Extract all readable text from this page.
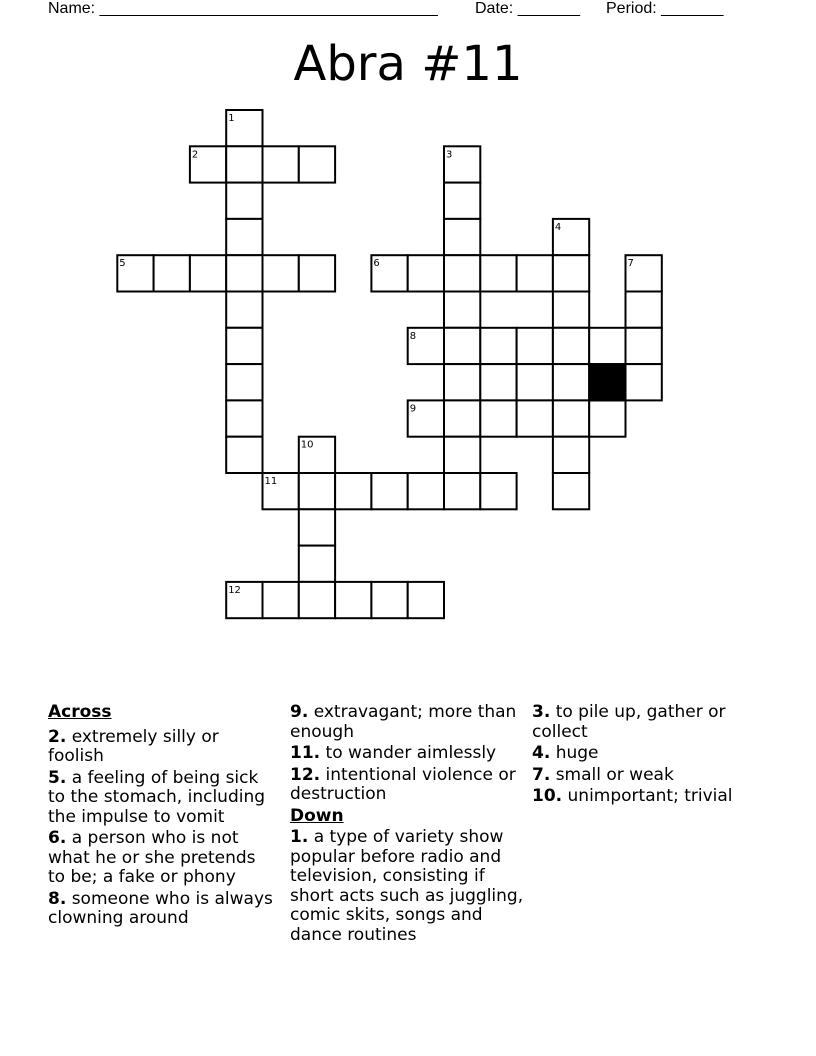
Name: ______________________________________ Date: _______ Period: _______
Abra #11
1
2	3
4
5	6	7
8
9
10
11
12
Across
2. extremely silly or foolish
5. a feeling of being sick to the stomach, including the impulse to vomit
6. a person who is not what he or she pretends to be; a fake or phony
8. someone who is always clowning around
9. extravagant; more than enough
11. to wander aimlessly
12. intentional violence or destruction
Down
1. a type of variety show popular before radio and television, consisting if short acts such as juggling, comic skits, songs and dance routines
3. to pile up, gather or collect
4. huge
7. small or weak
10. unimportant; trivial
